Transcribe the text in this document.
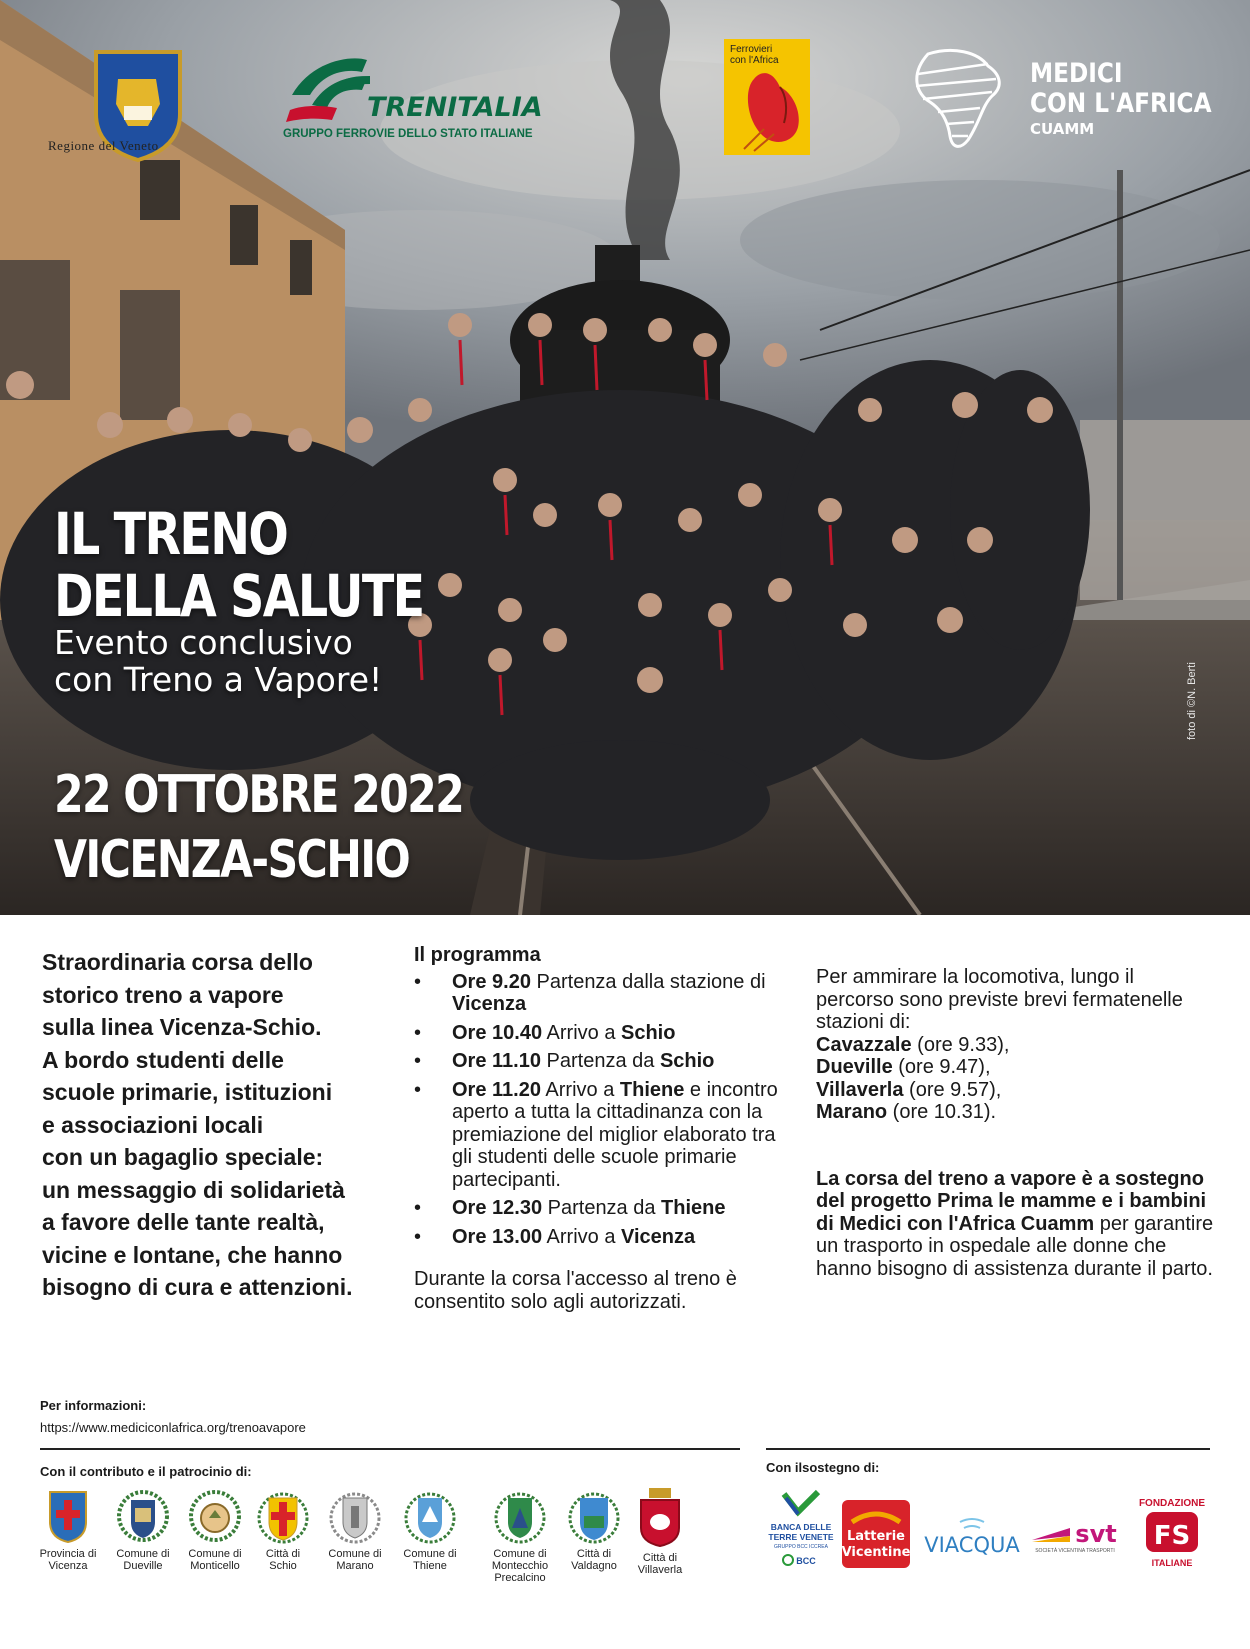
Regione del Veneto
TRENITALIA
GRUPPO FERROVIE DELLO STATO ITALIANE
Ferrovieri con l'Africa	MEDICI
CON L'AFRICA
CUAMM
IL TRENO
DELLA SALUTE
Evento conclusivo
con Treno a Vapore!
22 OTTOBRE 2022
VICENZA-SCHIO
foto di ©N. Berti
Straordinaria corsa dello
storico treno a vapore
sulla linea Vicenza-Schio.
A bordo studenti delle
scuole primarie, istituzioni
e associazioni locali
con un bagaglio speciale:
un messaggio di solidarietà
a favore delle tante realtà,
vicine e lontane, che hanno
bisogno di cura e attenzioni.
Il programma
• Ore 9.20 Partenza dalla stazione di Vicenza
• Ore 10.40 Arrivo a Schio
• Ore 11.10 Partenza da Schio
• Ore 11.20 Arrivo a Thiene e incontro aperto a tutta la cittadinanza con la premiazione del miglior elaborato tra gli studenti delle scuole primarie partecipanti.
• Ore 12.30 Partenza da Thiene
• Ore 13.00 Arrivo a Vicenza
Durante la corsa l'accesso al treno è consentito solo agli autorizzati.
Per ammirare la locomotiva, lungo il percorso sono previste brevi fermatenelle stazioni di:
Cavazzale (ore 9.33),
Dueville (ore 9.47),
Villaverla (ore 9.57),
Marano (ore 10.31).
La corsa del treno a vapore è a sostegno del progetto Prima le mamme e i bambini di Medici con l'Africa Cuamm per garantire un trasporto in ospedale alle donne che hanno bisogno di assistenza durante il parto.
Per informazioni:
https://www.mediciconlafrica.org/trenoavapore
Con il contributo e il patrocinio di:	Con ilsostegno di:
Provincia di
Vicenza
Comune di
Dueville
Comune di
Monticello
Città di
Schio
Comune di
Marano
Comune di
Thiene
Comune di
Montecchio
Precalcino
Città di
Valdagno
Città di
Villaverla
BANCA DELLE
TERRE VENETE
GRUPPO BCC ICCREA
BCC
Latterie
Vicentine VIACQUA svt
SOCIETÀ VICENTINA TRASPORTI
FONDAZIONE
FS
ITALIANE
